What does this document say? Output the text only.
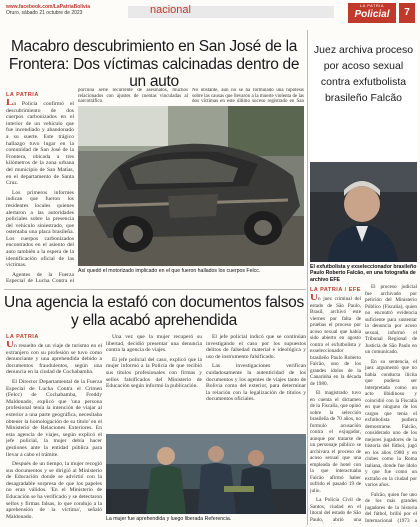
www.facebook.com/LaPatriaBolivia
Oruro, sábado 21 octubre de 2023	nacional	LA PATRIA
Policial	7
Macabro descubrimiento en San José de la Frontera: Dos víctimas calcinadas dentro de un auto
LA PATRIA

La Policía confirmó el descubrimiento de dos cuerpos carbonizados en el interior de un vehículo que fue incendiado y abandonado a su suerte. Este trágico hallazgo tuvo lugar en la comunidad de San José de la Frontera, ubicada a tres kilómetros de la zona urbana del municipio de San Matías, en el departamento de Santa Cruz.

Los primeros informes indican que fueron los residentes locales quienes alertaron a las autoridades policiales sobre la presencia del vehículo siniestrado, que ostentaba una placa brasileña. Los cuerpos carbonizados encontrados en el asiento del auto también a la espera de la identificación oficial de las víctimas.

Agentes de la Fuerza Especial de Lucha Contra el

porcuna serie recurrente de asesinatos, muchos relacionados con ajustes de cuentas vinculadas al narcotráfico.

No obstante, aún no se ha formulado una hipótesis sobre las causas que llevaron a la muerte violenta de las dos víctimas en este último suceso registrado en San

Así quedó el motorizado implicado en el que fueron hallados los cuerpos Felcc.
Una agencia la estafó con documentos falsos y ella acabó aprehendida
LA PATRIA

Un resuelto de un viaje de turismo en el extranjero con su profesión se tuvo como denunciante y una aprehendida debido a documentos fraudulentos, según una denuncia en la ciudad de Cochabamba.

El Director Departamental de la Fuerza Especial de Lucha Contra el Crimen (Felcc) de Cochabamba, Freddy Maldonado, explicó que 'una persona profesional tenía la intención de viajar al exterior a una parte geográfica, necesitaba obtener la homologación de su título' en el Ministerio de Relaciones Exteriores. En esta agencia de viajes, según explicó el jefe policial, la mujer debía hacer gestiones ante la entidad pública para llevar a cabo el trámite.

Después de un tiempo, la mujer recogió sus documentos y se dirigió al Ministerio de Educación donde se advirtió con la desagradable sorpresa de que los papeles no eran válidos. 'En el Ministerio de Educación se ha verificado y se detectaron sellos y firmas falsas, lo que condujo a la aprehensión de la víctima', señaló Maldonado.

Una vez que la mujer recuperó su libertad, decidió presentar una denuncia contra la agencia de viajes.

El jefe policial del caso, explicó que la mujer informó a la Policía de que recibió sus títulos profesionales con firmas y sellos falsificados del Ministerio de Educación según informó la publicación.

El jefe policial indicó que se continúan investigando el caso por los supuestos delitos de falsedad material e ideológica y uso de instrumento falsificado.

Las investigaciones verifican cuidadosamente la autenticidad de los documentos y los agentes de viajes tanto de Bolivia como del exterior, para determinar la relación con la legalización de títulos y documentos oficiales.

La mujer fue aprehendida y luego liberada Referencia.
Juez archiva proceso por acoso sexual contra exfutbolista brasileño Falcão
El exfutbolista y exseleccionador brasileño Paulo Roberto Falcão, en una fotografía de archivo EFE
LA PATRIA / EFE

Un juez criminal del estado de São Paulo, Brasil, archivó este viernes por falta de pruebas el proceso por acoso sexual que había sido abierto en agosto contra el exfutbolista y exseleccionador brasileño Paulo Roberto Falcão, uno de los grandes ídolos de la Canarinha en la década de 1980.

El magistrado tuvo en cuenta el dictamen de la Fiscalía, que opinó sobre la selección brasileña de 70 años, no formuló acusación contra el exjugador, aunque por tratarse de un personaje público se archivara el proceso de acoso sexual que una empleada de hotel con la que interactuaba Falcão afirmó haber sufrido el pasado 19 de julio.

La Policía Civil de Santos, ciudad en el litoral del estado de São Paulo, abrió una

El proceso judicial fue archivado por petición del Ministerio Público (Fiscalía), quien no encontró evidencia suficiente para sustentar la denuncia por acoso sexual, informó el Tribunal Regional de Justicia de São Paulo en un comunicado.

En su sentencia, el juez argumentó que no había conducta ilícita que pudiera ser interpretada como un acto libidinoso y coincidió con la Fiscalía en que ninguno de los cargos que tenía el exfutbolista pudiera demostrarse. Falcão, considerado uno de los mejores jugadores de la historia del fútbol, jugó en los años 1980 y en clubes como la Roma italiana, donde fue ídolo y que fue como un extraño en la ciudad por varios años.

Falcão, quien fue uno de los más grandes jugadores de la historia del fútbol, brilló por el Internacional (1973 a
